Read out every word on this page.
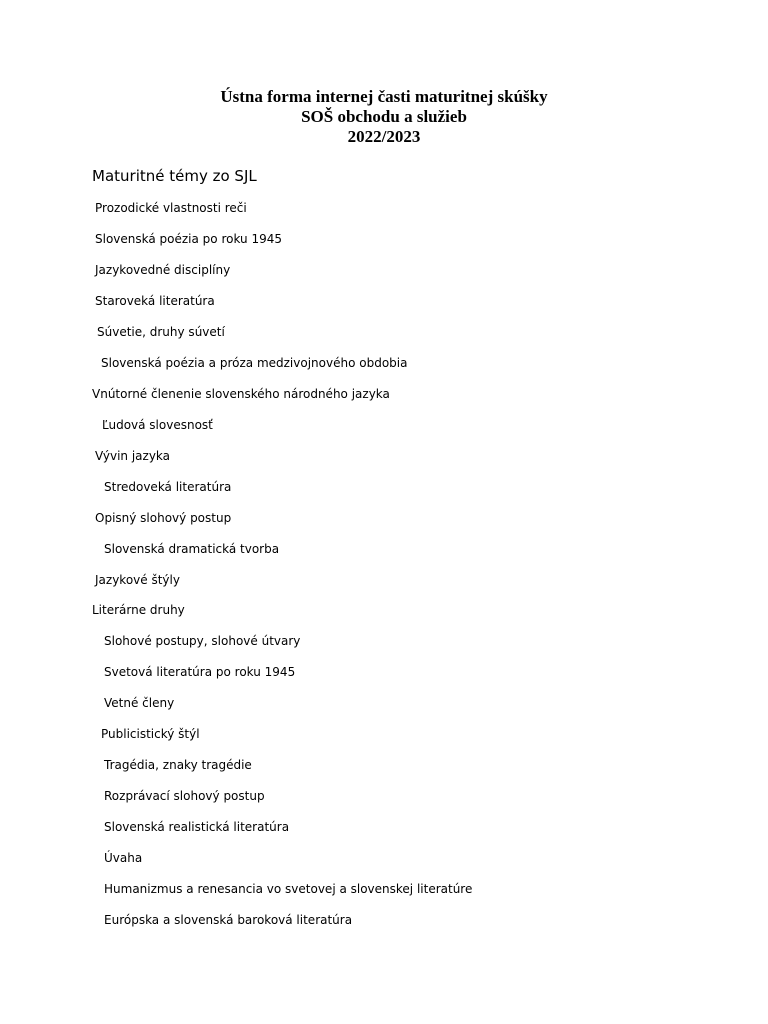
Ústna forma internej časti maturitnej skúšky
SOŠ obchodu a služieb
2022/2023
Maturitné témy zo SJL
Prozodické vlastnosti reči
Slovenská poézia po roku 1945
Jazykovedné disciplíny
Staroveká literatúra
Súvetie, druhy súvetí
Slovenská poézia a próza medzivojnového obdobia
Vnútorné členenie slovenského národného jazyka
Ľudová slovesnosť
Vývin jazyka
Stredoveká literatúra
Opisný slohový postup
Slovenská dramatická tvorba
Jazykové štýly
Literárne druhy
Slohové postupy, slohové útvary
Svetová literatúra po roku 1945
Vetné členy
Publicistický štýl
Tragédia, znaky tragédie
Rozprávací slohový postup
Slovenská realistická literatúra
Úvaha
Humanizmus a renesancia vo svetovej a slovenskej literatúre
Európska a slovenská baroková literatúra
